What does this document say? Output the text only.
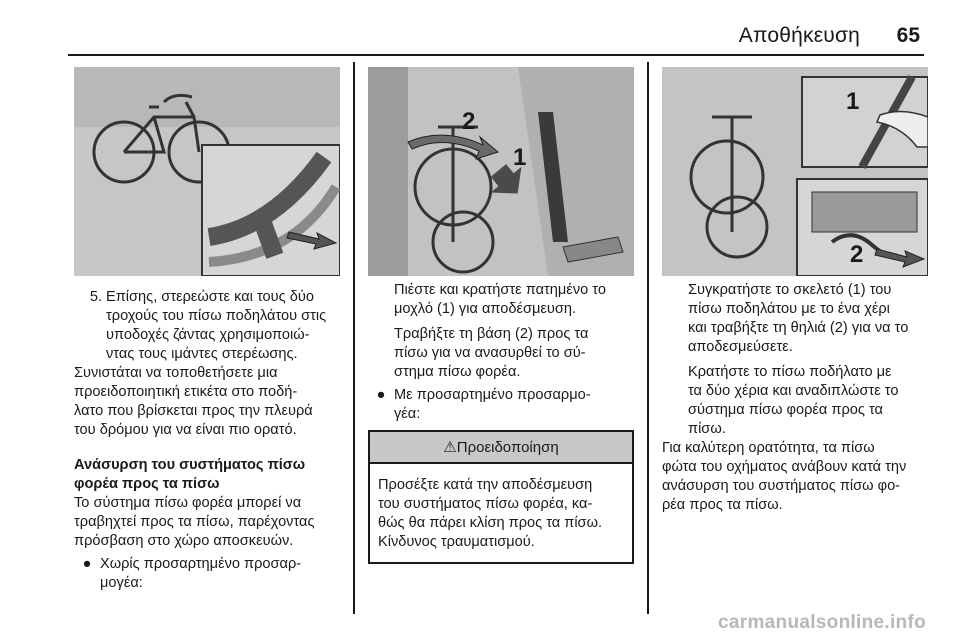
Αποθήκευση 65
2
1
1
2
5. Επίσης, στερεώστε και τους δύο

τροχούς του πίσω ποδηλάτου στις

υποδοχές ζάντας χρησιμοποιώ-

ντας τους ιμάντες στερέωσης.

Συνιστάται να τοποθετήσετε μια

προειδοποιητική ετικέτα στο ποδή-

λατο που βρίσκεται προς την πλευρά

του δρόμου για να είναι πιο ορατό.

Ανάσυρση του συστήματος πίσω

φορέα προς τα πίσω

Το σύστημα πίσω φορέα μπορεί να

τραβηχτεί προς τα πίσω, παρέχοντας

πρόσβαση στο χώρο αποσκευών.

● Χωρίς προσαρτημένο προσαρ-

μογέα:

Πιέστε και κρατήστε πατημένο το

μοχλό (1) για αποδέσμευση.

Τραβήξτε τη βάση (2) προς τα

πίσω για να ανασυρθεί το σύ-

στημα πίσω φορέα.

● Με προσαρτημένο προσαρμο-

γέα:

⚠Προειδοποίηση

Προσέξτε κατά την αποδέσμευση

του συστήματος πίσω φορέα, κα-

θώς θα πάρει κλίση προς τα πίσω.

Κίνδυνος τραυματισμού.

Συγκρατήστε το σκελετό (1) του

πίσω ποδηλάτου με το ένα χέρι

και τραβήξτε τη θηλιά (2) για να το

αποδεσμεύσετε.

Κρατήστε το πίσω ποδήλατο με

τα δύο χέρια και αναδιπλώστε το

σύστημα πίσω φορέα προς τα

πίσω.

Για καλύτερη ορατότητα, τα πίσω

φώτα του οχήματος ανάβουν κατά την

ανάσυρση του συστήματος πίσω φο-

ρέα προς τα πίσω.

carmanualsonline.info
